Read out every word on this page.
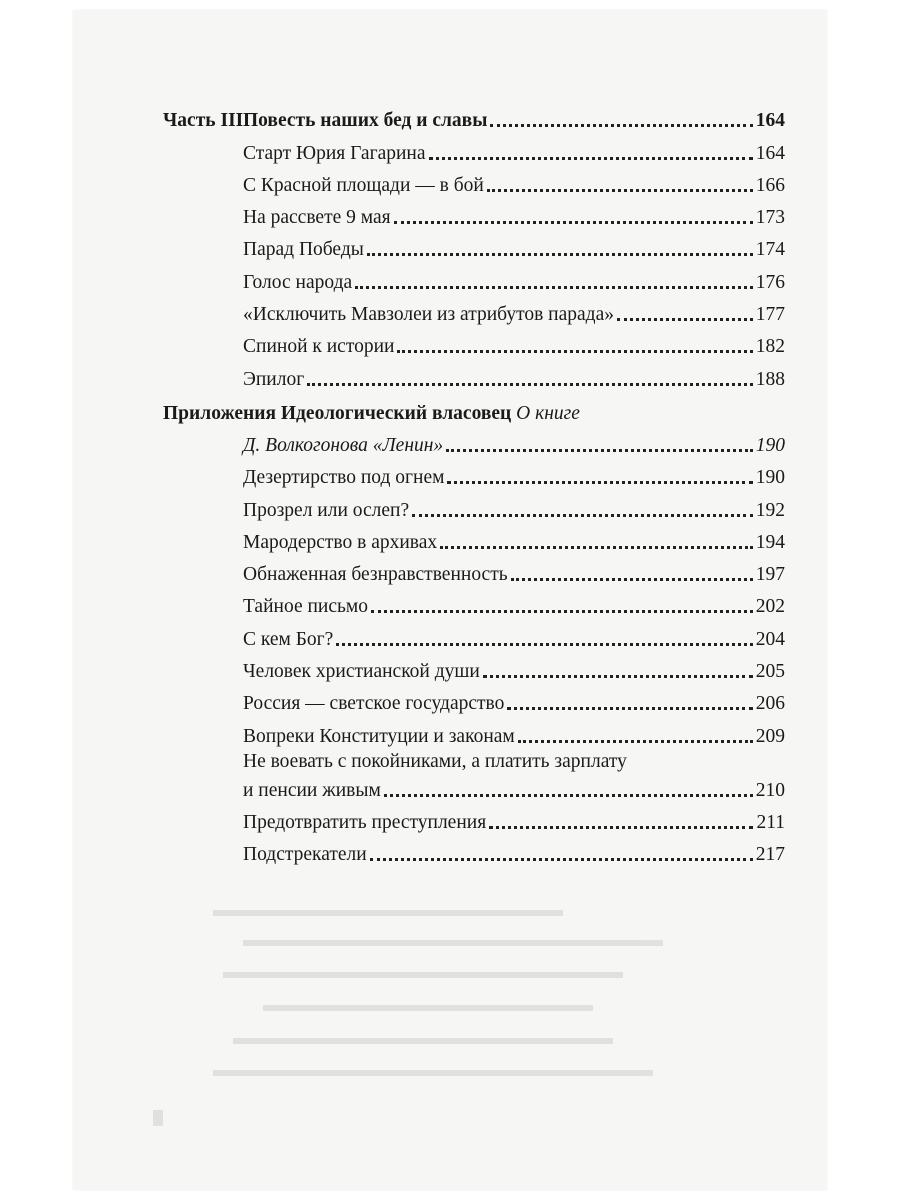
Часть IIIПовесть наших бед и славы	164
Старт Юрия Гагарина	164
С Красной площади — в бой	166
На рассвете 9 мая	173
Парад Победы	174
Голос народа	176
«Исключить Мавзолеи из атрибутов парада»	177
Спиной к истории	182
Эпилог	188
Приложения Идеологический власовец
О книге
Д. Волкогонова «Ленин»	190
Дезертирство под огнем	190
Прозрел или ослеп?	192
Мародерство в архивах	194
Обнаженная безнравственность	197
Тайное письмо	202
С кем Бог?	204
Человек христианской души	205
Россия — светское государство	206
Вопреки Конституции и законам	209
Не воевать с покойниками, а платить зарплату
и пенсии живым	210
Предотвратить преступления	211
Подстрекатели	217
